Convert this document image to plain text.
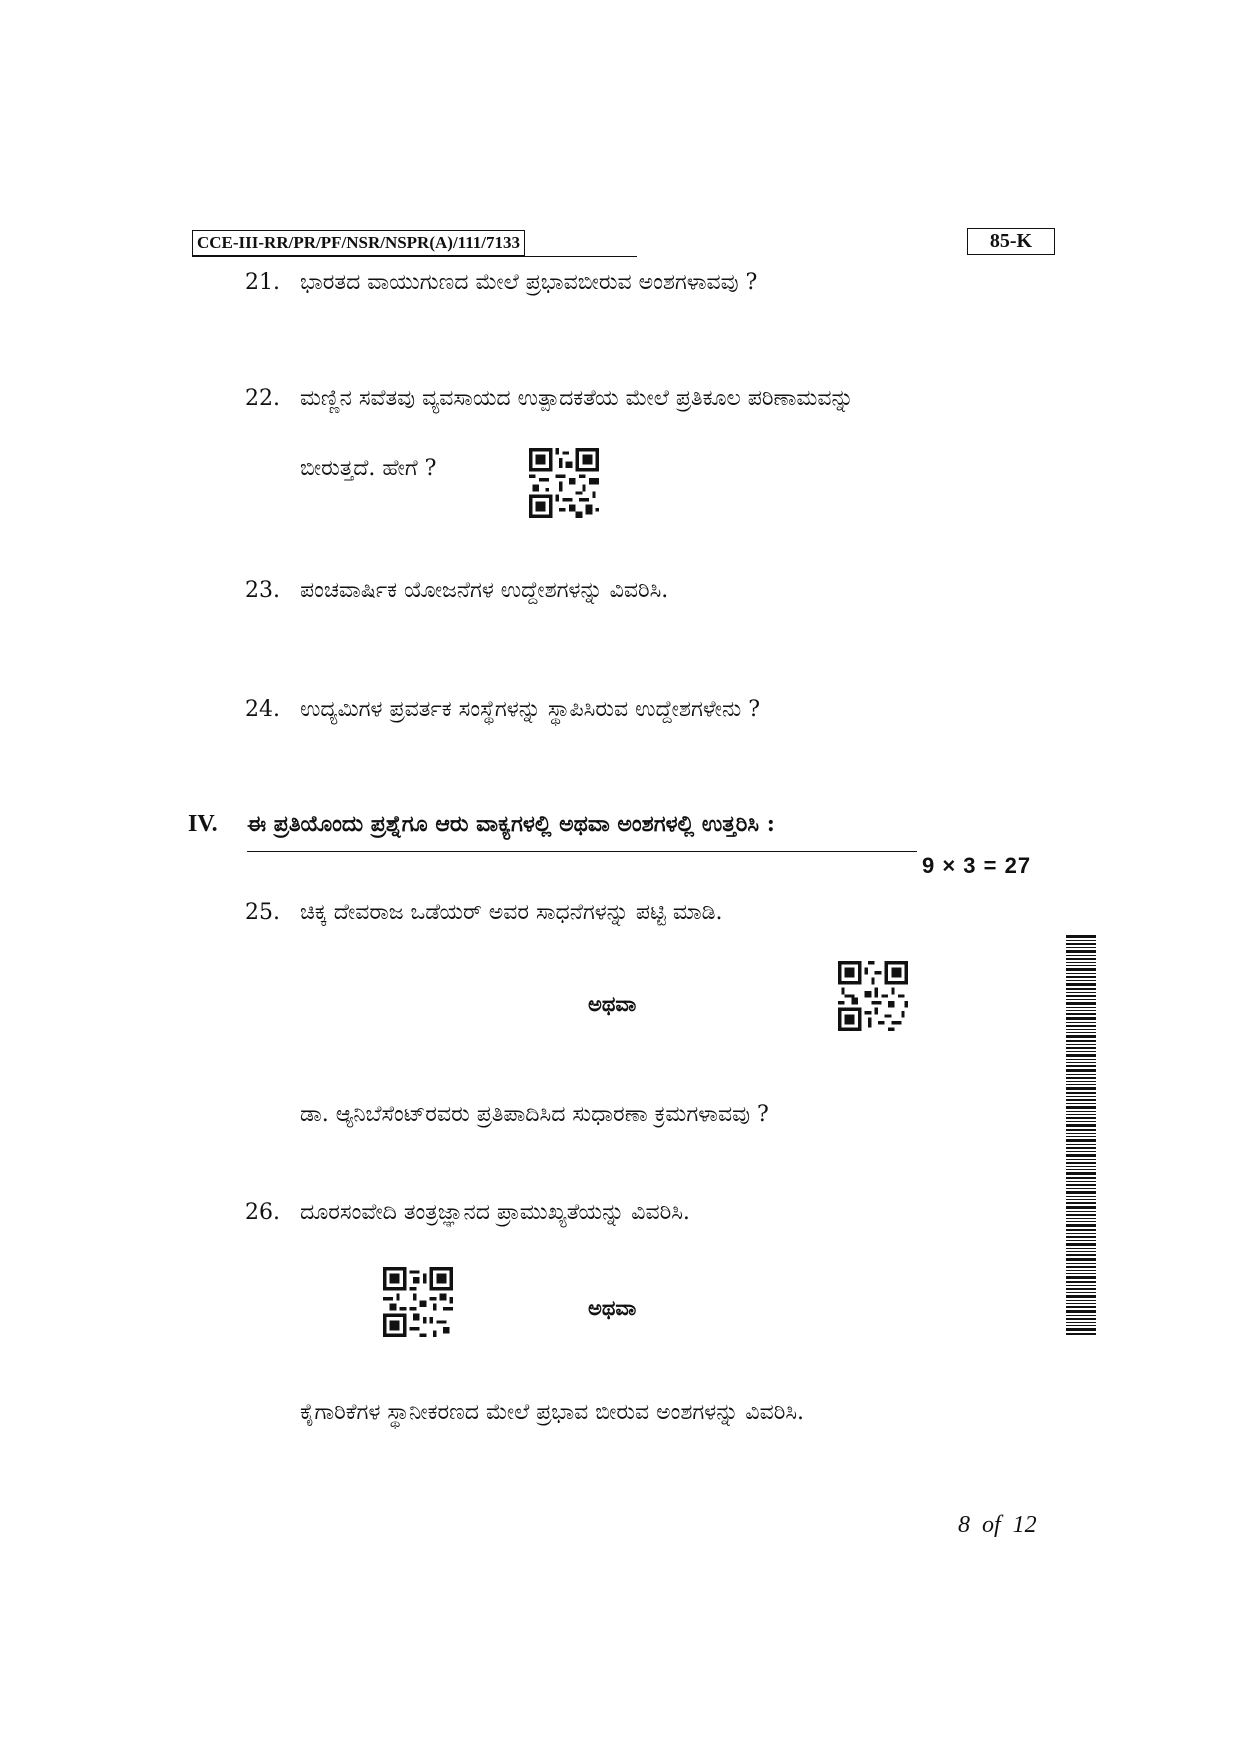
CCE-III-RR/PR/PF/NSR/NSPR(A)/111/7133	85-K
21. ಭಾರತದ ವಾಯುಗುಣದ ಮೇಲೆ ಪ್ರಭಾವಬೀರುವ ಅಂಶಗಳಾವವು ?
22. ಮಣ್ಣಿನ ಸವೆತವು ವ್ಯವಸಾಯದ ಉತ್ಪಾದಕತೆಯ ಮೇಲೆ ಪ್ರತಿಕೂಲ ಪರಿಣಾಮವನ್ನು
ಬೀರುತ್ತದೆ. ಹೇಗೆ ?
23. ಪಂಚವಾರ್ಷಿಕ ಯೋಜನೆಗಳ ಉದ್ದೇಶಗಳನ್ನು ವಿವರಿಸಿ.
24. ಉದ್ಯಮಿಗಳ ಪ್ರವರ್ತಕ ಸಂಸ್ಥೆಗಳನ್ನು ಸ್ಥಾಪಿಸಿರುವ ಉದ್ದೇಶಗಳೇನು ?
IV. ಈ ಪ್ರತಿಯೊಂದು ಪ್ರಶ್ನೆಗೂ ಆರು ವಾಕ್ಯಗಳಲ್ಲಿ ಅಥವಾ ಅಂಶಗಳಲ್ಲಿ ಉತ್ತರಿಸಿ :
9 × 3 = 27
25. ಚಿಕ್ಕ ದೇವರಾಜ ಒಡೆಯರ್ ಅವರ ಸಾಧನೆಗಳನ್ನು ಪಟ್ಟಿ ಮಾಡಿ.
ಅಥವಾ
ಡಾ. ಆ್ಯನಿಬೆಸೆಂಟ್‌ರವರು ಪ್ರತಿಪಾದಿಸಿದ ಸುಧಾರಣಾ ಕ್ರಮಗಳಾವವು ?
26. ದೂರಸಂವೇದಿ ತಂತ್ರಜ್ಞಾನದ ಪ್ರಾಮುಖ್ಯತೆಯನ್ನು ವಿವರಿಸಿ.
ಅಥವಾ
ಕೈಗಾರಿಕೆಗಳ ಸ್ಥಾನೀಕರಣದ ಮೇಲೆ ಪ್ರಭಾವ ಬೀರುವ ಅಂಶಗಳನ್ನು ವಿವರಿಸಿ.
8 of 12
